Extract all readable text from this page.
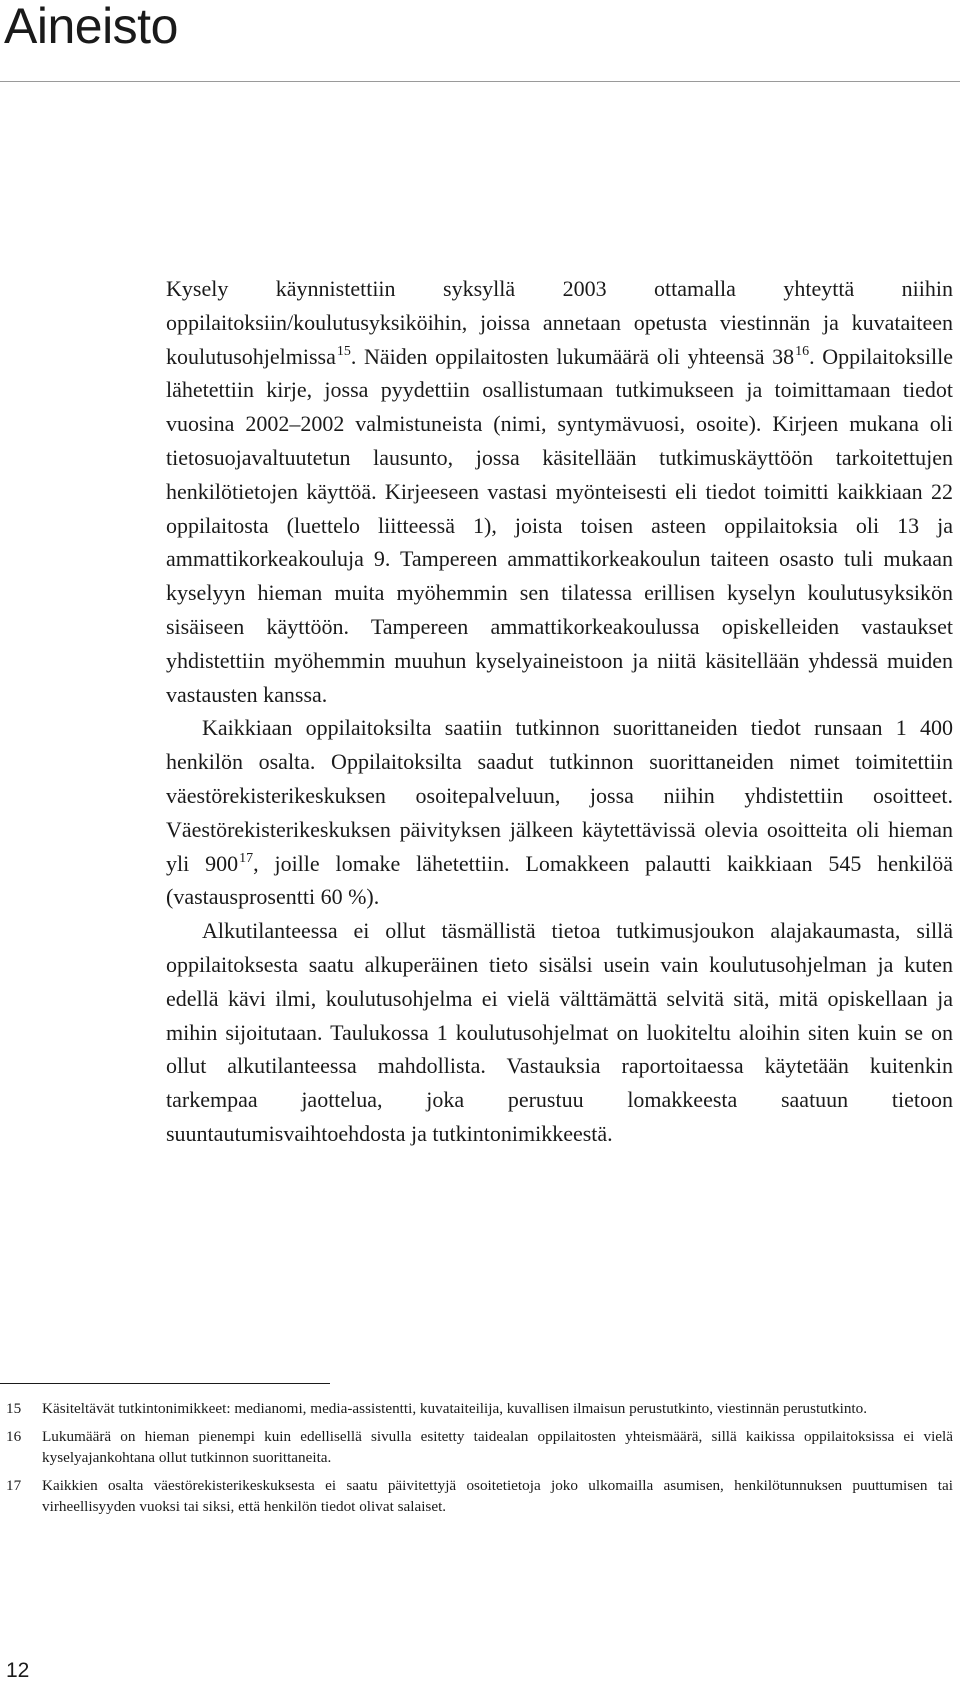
Aineisto

Kysely käynnistettiin syksyllä 2003 ottamalla yhteyttä niihin oppilaitoksiin/koulutusyksiköihin, joissa annetaan opetusta viestinnän ja kuvataiteen koulutusohjelmissa$^{15}$. Näiden oppilaitosten lukumäärä oli yhteensä $38^{16}$. Oppilaitoksille lähetettiin kirje, jossa pyydettiin osallistumaan tutkimukseen ja toimittamaan tiedot vuosina 2002–2002 valmistuneista (nimi, syntymävuosi, osoite). Kirjeen mukana oli tietosuojavaltuutetun lausunto, jossa käsitellään tutkimuskäyttöön tarkoitettujen henkilötietojen käyttöä. Kirjeeseen vastasi myönteisesti eli tiedot toimitti kaikkiaan 22 oppilaitosta (luettelo liitteessä 1), joista toisen asteen oppilaitoksia oli 13 ja ammattikorkeakouluja 9. Tampereen ammattikorkeakoulun taiteen osasto tuli mukaan kyselyyn hieman muita myöhemmin sen tilatessa erillisen kyselyn koulutusyksikön sisäiseen käyttöön. Tampereen ammattikorkeakoulussa opiskelleiden vastaukset yhdistettiin myöhemmin muuhun kyselyaineistoon ja niitä käsitellään yhdessä muiden vastausten kanssa.

Kaikkiaan oppilaitoksilta saatiin tutkinnon suorittaneiden tiedot runsaan 1 400 henkilön osalta. Oppilaitoksilta saadut tutkinnon suorittaneiden nimet toimitettiin väestörekisterikeskuksen osoitepalveluun, jossa niihin yhdistettiin osoitteet. Väestörekisterikeskuksen päivityksen jälkeen käytettävissä olevia osoitteita oli hieman yli $900^{17}$, joille lomake lähetettiin. Lomakkeen palautti kaikkiaan 545 henkilöä (vastausprosentti 60 %).

Alkutilanteessa ei ollut täsmällistä tietoa tutkimusjoukon alajakaumasta, sillä oppilaitoksesta saatu alkuperäinen tieto sisälsi usein vain koulutusohjelman ja kuten edellä kävi ilmi, koulutusohjelma ei vielä välttämättä selvitä sitä, mitä opiskellaan ja mihin sijoitutaan. Taulukossa 1 koulutusohjelmat on luokiteltu aloihin siten kuin se on ollut alkutilanteessa mahdollista. Vastauksia raportoitaessa käytetään kuitenkin tarkempaa jaottelua, joka perustuu lomakkeesta saatuun tietoon suuntautumisvaihtoehdosta ja tutkintonimikkeestä.

15 Käsiteltävät tutkintonimikkeet: medianomi, media-assistentti, kuvataiteilija, kuvallisen ilmaisun perustutkinto, viestinnän perustutkinto.
16 Lukumäärä on hieman pienempi kuin edellisellä sivulla esitetty taidealan oppilaitosten yhteismäärä, sillä kaikissa oppilaitoksissa ei vielä kyselyajankohtana ollut tutkinnon suorittaneita.
17 Kaikkien osalta väestörekisterikeskuksesta ei saatu päivitettyjä osoitetietoja joko ulkomailla asumisen, henkilötunnuksen puuttumisen tai virheellisyyden vuoksi tai siksi, että henkilön tiedot olivat salaiset.
12
